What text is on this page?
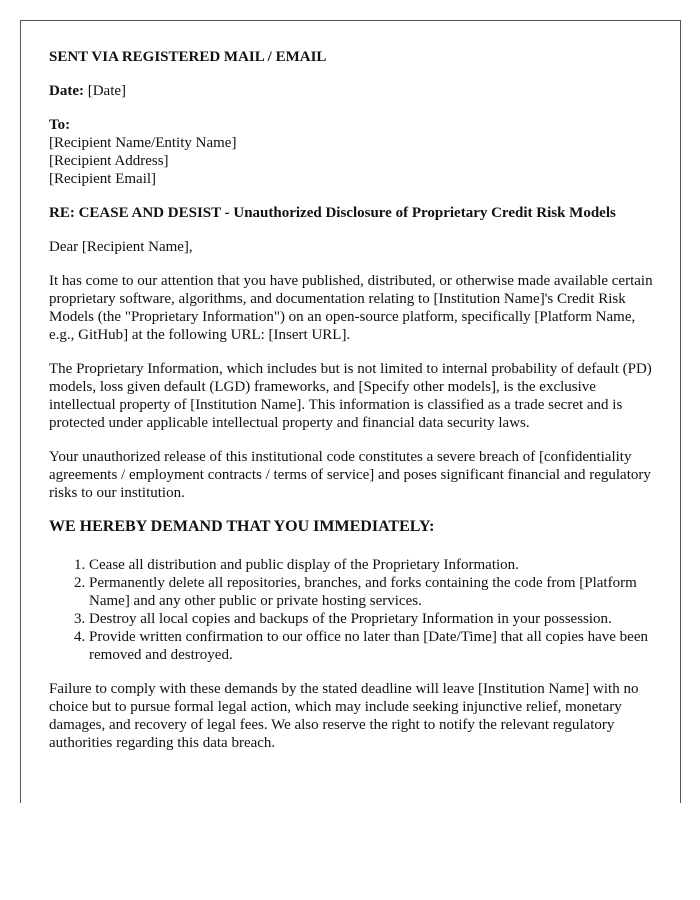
SENT VIA REGISTERED MAIL / EMAIL

Date: [Date]

To:
[Recipient Name/Entity Name]
[Recipient Address]
[Recipient Email]

RE: CEASE AND DESIST - Unauthorized Disclosure of Proprietary Credit Risk Models

Dear [Recipient Name],

It has come to our attention that you have published, distributed, or otherwise made available certain proprietary software, algorithms, and documentation relating to [Institution Name]'s Credit Risk Models (the "Proprietary Information") on an open-source platform, specifically [Platform Name, e.g., GitHub] at the following URL: [Insert URL].

The Proprietary Information, which includes but is not limited to internal probability of default (PD) models, loss given default (LGD) frameworks, and [Specify other models], is the exclusive intellectual property of [Institution Name]. This information is classified as a trade secret and is protected under applicable intellectual property and financial data security laws.

Your unauthorized release of this institutional code constitutes a severe breach of [confidentiality agreements / employment contracts / terms of service] and poses significant financial and regulatory risks to our institution.

WE HEREBY DEMAND THAT YOU IMMEDIATELY:
1. Cease all distribution and public display of the Proprietary Information.
2. Permanently delete all repositories, branches, and forks containing the code from [Platform Name] and any other public or private hosting services.
3. Destroy all local copies and backups of the Proprietary Information in your possession.
4. Provide written confirmation to our office no later than [Date/Time] that all copies have been removed and destroyed.

Failure to comply with these demands by the stated deadline will leave [Institution Name] with no choice but to pursue formal legal action, which may include seeking injunctive relief, monetary damages, and recovery of legal fees. We also reserve the right to notify the relevant regulatory authorities regarding this data breach.
